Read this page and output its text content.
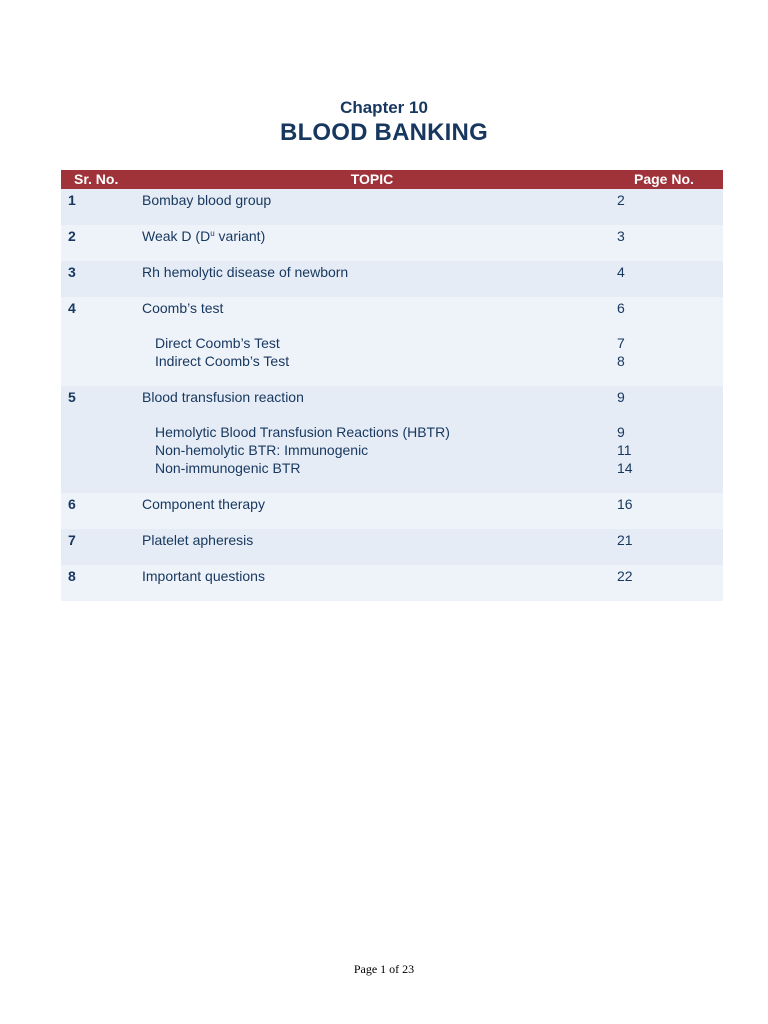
Chapter 10
BLOOD BANKING
Sr. No.	TOPIC	Page No.
1	Bombay blood group	2
2	Weak D ($D^u$ variant)	3
3	Rh hemolytic disease of newborn	4
4	Coomb’s test	6
Direct Coomb’s Test	7
Indirect Coomb’s Test	8
5	Blood transfusion reaction	9
Hemolytic Blood Transfusion Reactions (HBTR)	9
Non-hemolytic BTR: Immunogenic	11
Non-immunogenic BTR	14
6	Component therapy	16
7	Platelet apheresis	21
8	Important questions	22
Page 1 of 23
